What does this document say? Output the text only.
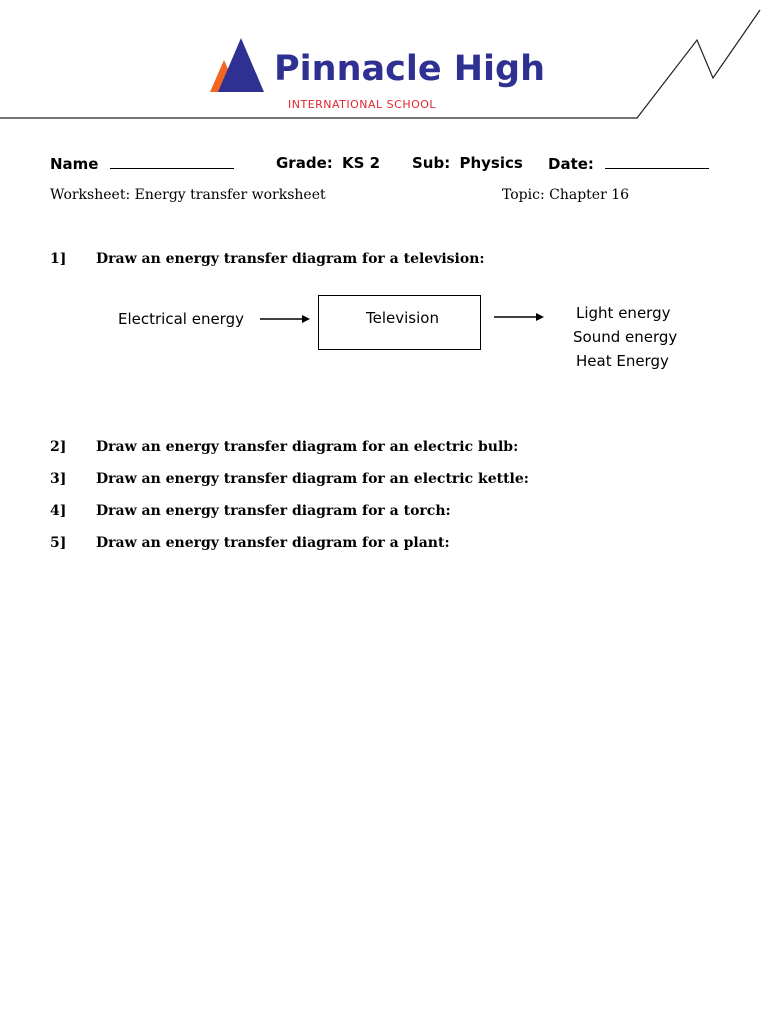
Pinnacle High
INTERNATIONAL SCHOOL
Name	Grade: KS 2 Sub: Physics Date:
Worksheet: Energy transfer worksheet	Topic: Chapter 16
1] Draw an energy transfer diagram for a television:
Electrical energy	Television	Light energy
Sound energy
Heat Energy
2] Draw an energy transfer diagram for an electric bulb:
3] Draw an energy transfer diagram for an electric kettle:
4] Draw an energy transfer diagram for a torch:
5] Draw an energy transfer diagram for a plant:
